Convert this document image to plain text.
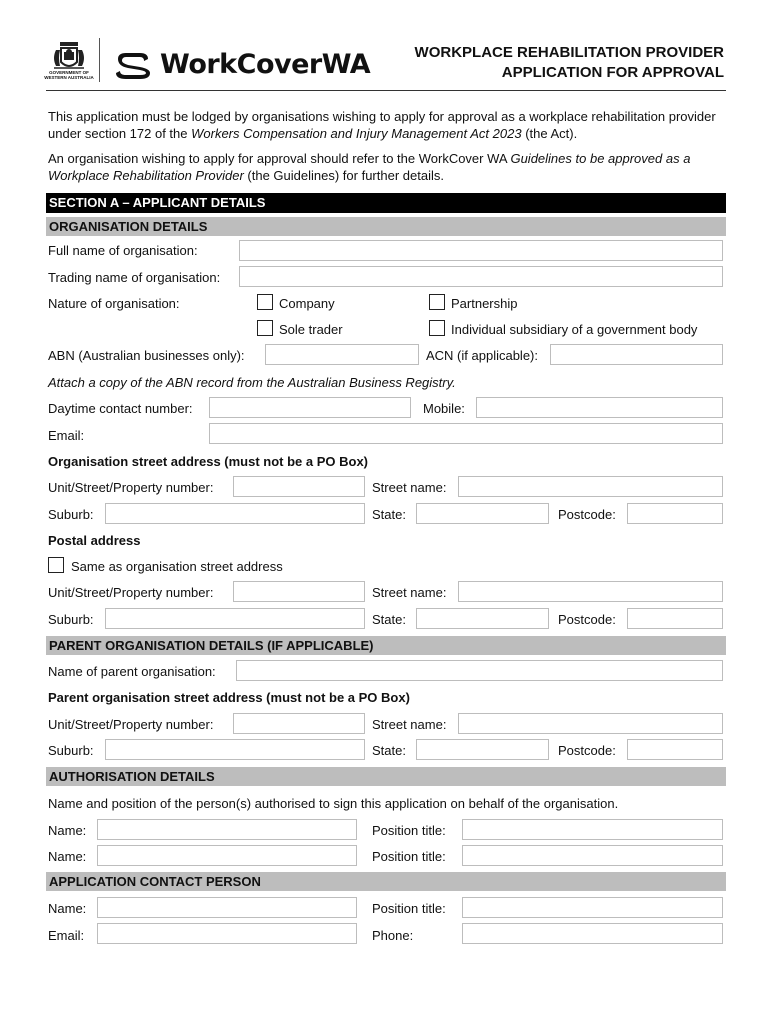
GOVERNMENT OF
WESTERN AUSTRALIA WorkCoverWA	WORKPLACE REHABILITATION PROVIDER
APPLICATION FOR APPROVAL
This application must be lodged by organisations wishing to apply for approval as a workplace rehabilitation provider under section 172 of the Workers Compensation and Injury Management Act 2023 (the Act).
An organisation wishing to apply for approval should refer to the WorkCover WA Guidelines to be approved as a Workplace Rehabilitation Provider (the Guidelines) for further details.
SECTION A – APPLICANT DETAILS
ORGANISATION DETAILS
Full name of organisation:
Trading name of organisation:
Nature of organisation:	Company	Partnership
Sole trader	Individual subsidiary of a government body
ABN (Australian businesses only):	ACN (if applicable):
Attach a copy of the ABN record from the Australian Business Registry.
Daytime contact number:	Mobile:
Email:
Organisation street address (must not be a PO Box)
Unit/Street/Property number:	Street name:
Suburb:	State:	Postcode:
Postal address
Same as organisation street address
Unit/Street/Property number:	Street name:
Suburb:	State:	Postcode:
PARENT ORGANISATION DETAILS (IF APPLICABLE)
Name of parent organisation:
Parent organisation street address (must not be a PO Box)
Unit/Street/Property number:	Street name:
Suburb:	State:	Postcode:
AUTHORISATION DETAILS
Name and position of the person(s) authorised to sign this application on behalf of the organisation.
Name:	Position title:
Name:	Position title:
APPLICATION CONTACT PERSON
Name:	Position title:
Email:	Phone:
